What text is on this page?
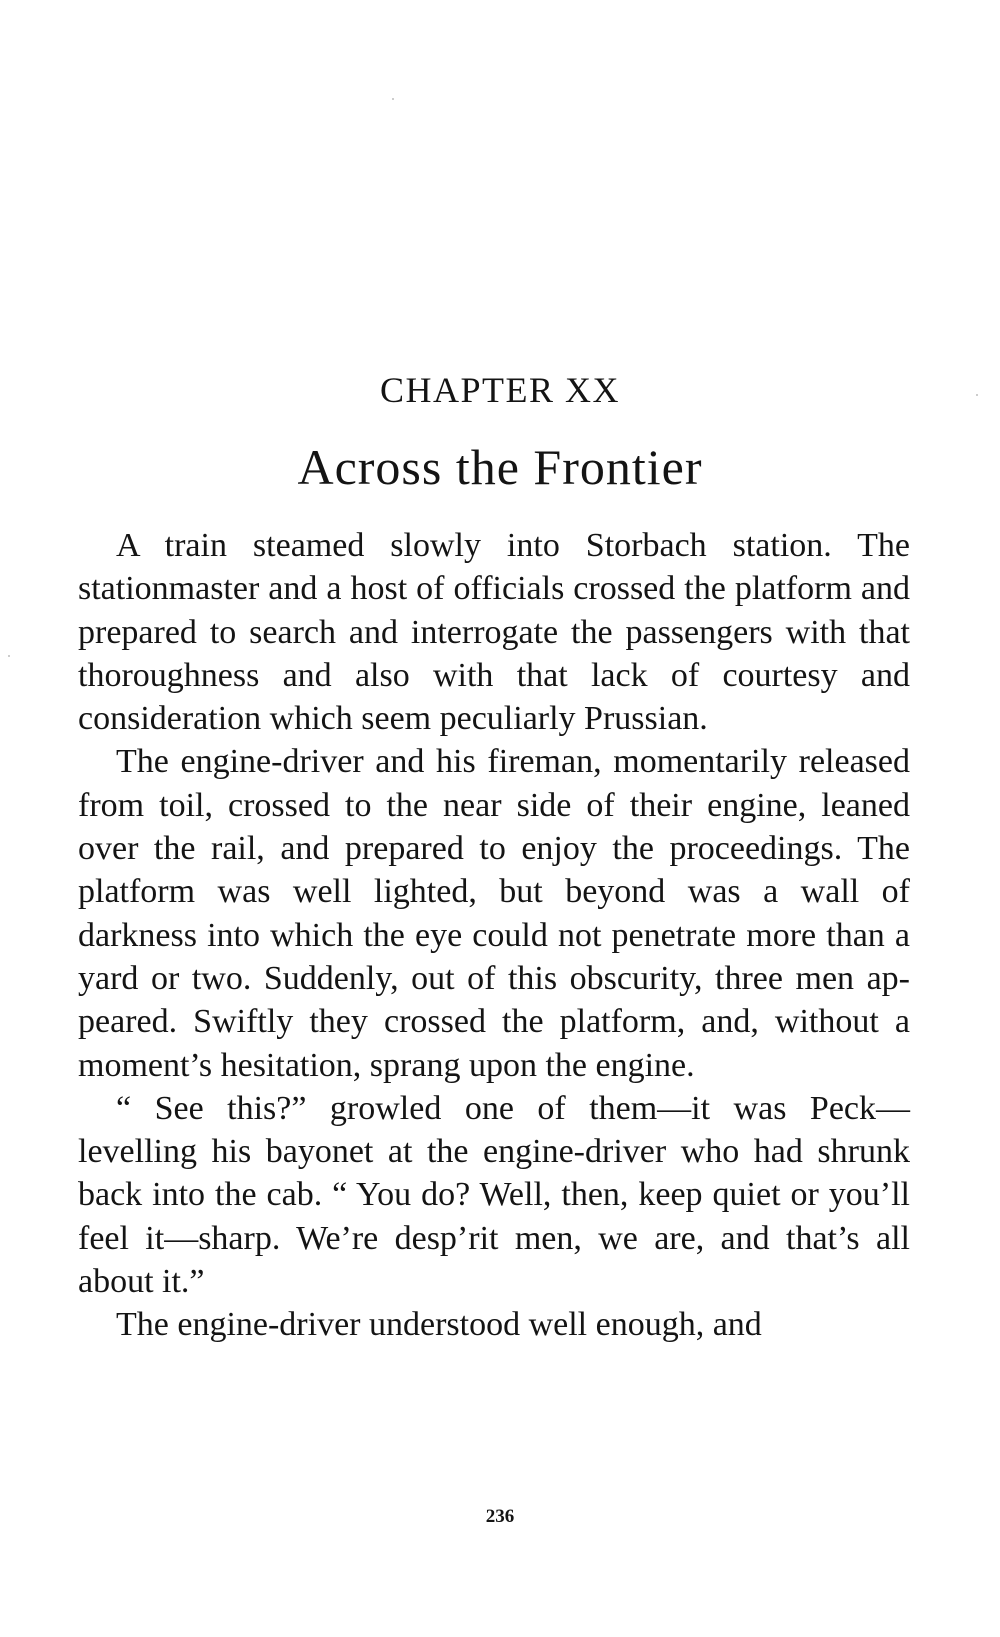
CHAPTER XX
Across the Frontier

A train steamed slowly into Storbach station. The stationmaster and a host of officials crossed the platform and prepared to search and interrogate the passengers with that thoroughness and also with that lack of courtesy and consideration which seem peculiarly Prussian.

The engine-driver and his fireman, momentarily released from toil, crossed to the near side of their engine, leaned over the rail, and prepared to enjoy the proceedings. The platform was well lighted, but beyond was a wall of darkness into which the eye could not penetrate more than a yard or two. Suddenly, out of this obscurity, three men appeared. Swiftly they crossed the platform, and, without a moment’s hesitation, sprang upon the engine.

“ See this?” growled one of them—it was Peck— levelling his bayonet at the engine-driver who had shrunk back into the cab. “ You do? Well, then, keep quiet or you’ll feel it—sharp. We’re desp’rit men, we are, and that’s all about it.”

The engine-driver understood well enough, and

236
